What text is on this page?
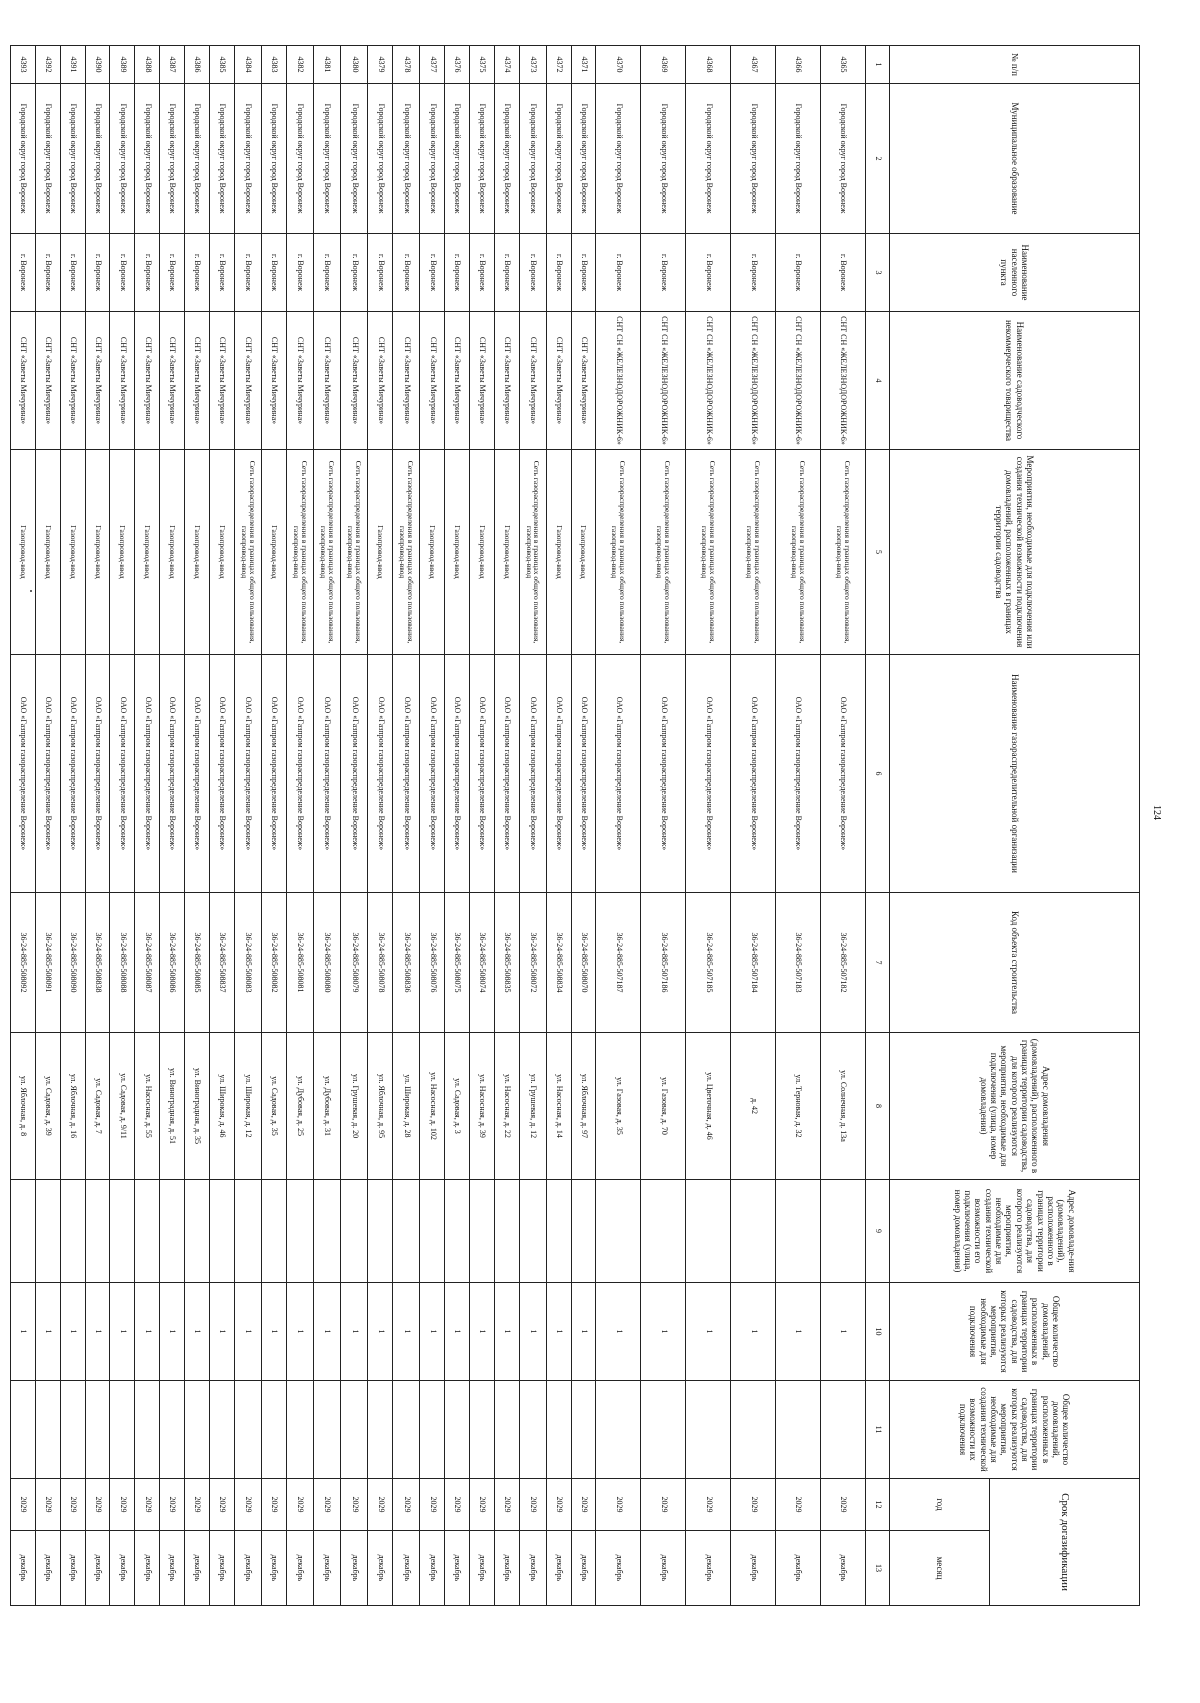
124
№ п/п	Муниципальное образование	Наименование населенного пункта	Наименование садоводческого некоммерческого товарищества	Мероприятия, необходимые для подключения или создания технической возможности подключения домовладений, расположенных в границах территории садоводства	Наименование газораспределительной организации	Код объекта строительства	Адрес домовладения (домовладений), расположенного в границах территории садоводства, для которого реализуются мероприятия, необходимые для подключения (улица, номер домовладения)	Адрес домовладе-ния (домовладений), расположенного в границах территории садоводства, для которого реализуются мероприятия, необходимые для создания технической возможности его подключения (улица, номер домовладения)	Общее количество домовладений, расположенных в границах территории садоводства, для которых реализуются мероприятия, необходимые для подключения	Общее количество домовладений, расположенных в границах территории садоводства, для которых реализуются мероприятия, необходимые для создания технической возможности их подключения	Срок догазификации	
											год	месяц
1	2	3	4	5	6	7	8	9	10	11	12	13
4365	Городской округ город Воронеж	г. Воронеж	СНТ СН «ЖЕЛЕЗНОДОРОЖНИК-6»	Сеть газораспределения в границах общего пользования, газопровод-ввод	ОАО «Газпром газораспределение Воронеж»	36-24-885-507182	ул. Солнечная, д. 13а		1		2029	декабрь
4366	Городской округ город Воронеж	г. Воронеж	СНТ СН «ЖЕЛЕЗНОДОРОЖНИК-6»	Сеть газораспределения в границах общего пользования, газопровод-ввод	ОАО «Газпром газораспределение Воронеж»	36-24-885-507183	ул. Терновая, д. 32		1		2029	декабрь
4367	Городской округ город Воронеж	г. Воронеж	СНТ СН «ЖЕЛЕЗНОДОРОЖНИК-6»	Сеть газораспределения в границах общего пользования, газопровод-ввод	ОАО «Газпром газораспределение Воронеж»	36-24-885-507184	д. 42		1		2029	декабрь
4368	Городской округ город Воронеж	г. Воронеж	СНТ СН «ЖЕЛЕЗНОДОРОЖНИК-6»	Сеть газораспределения в границах общего пользования, газопровод-ввод	ОАО «Газпром газораспределение Воронеж»	36-24-885-507185	ул. Цветочная, д. 46		1		2029	декабрь
4369	Городской округ город Воронеж	г. Воронеж	СНТ СН «ЖЕЛЕЗНОДОРОЖНИК-6»	Сеть газораспределения в границах общего пользования, газопровод-ввод	ОАО «Газпром газораспределение Воронеж»	36-24-885-507186	ул. Газовая, д. 70		1		2029	декабрь
4370	Городской округ город Воронеж	г. Воронеж	СНТ СН «ЖЕЛЕЗНОДОРОЖНИК-6»	Сеть газораспределения в границах общего пользования, газопровод-ввод	ОАО «Газпром газораспределение Воронеж»	36-24-885-507187	ул. Газовая, д. 35		1		2029	декабрь
4371	Городской округ город Воронеж	г. Воронеж	СНТ «Заветы Мичурина»	Газопровод-ввод	ОАО «Газпром газораспределение Воронеж»	36-24-885-508070	ул. Яблочная, д. 97		1		2029	декабрь
4372	Городской округ город Воронеж	г. Воронеж	СНТ «Заветы Мичурина»	Газопровод-ввод	ОАО «Газпром газораспределение Воронеж»	36-24-885-508834	ул. Насосная, д. 14		1		2029	декабрь
4373	Городской округ город Воронеж	г. Воронеж	СНТ «Заветы Мичурина»	Сеть газораспределения в границах общего пользования, газопровод-ввод	ОАО «Газпром газораспределение Воронеж»	36-24-885-508072	ул. Грушевая, д. 12		1		2029	декабрь
4374	Городской округ город Воронеж	г. Воронеж	СНТ «Заветы Мичурина»	Газопровод-ввод	ОАО «Газпром газораспределение Воронеж»	36-24-885-508835	ул. Насосная, д. 22		1		2029	декабрь
4375	Городской округ город Воронеж	г. Воронеж	СНТ «Заветы Мичурина»	Газопровод-ввод	ОАО «Газпром газораспределение Воронеж»	36-24-885-508074	ул. Насосная, д. 39		1		2029	декабрь
4376	Городской округ город Воронеж	г. Воронеж	СНТ «Заветы Мичурина»	Газопровод-ввод	ОАО «Газпром газораспределение Воронеж»	36-24-885-508075	ул. Садовая, д. 3		1		2029	декабрь
4377	Городской округ город Воронеж	г. Воронеж	СНТ «Заветы Мичурина»	Газопровод-ввод	ОАО «Газпром газораспределение Воронеж»	36-24-885-508076	ул. Насосная, д. 102		1		2029	декабрь
4378	Городской округ город Воронеж	г. Воронеж	СНТ «Заветы Мичурина»	Сеть газораспределения в границах общего пользования, газопровод-ввод	ОАО «Газпром газораспределение Воронеж»	36-24-885-508836	ул. Широкая, д. 28		1		2029	декабрь
4379	Городской округ город Воронеж	г. Воронеж	СНТ «Заветы Мичурина»	Газопровод-ввод	ОАО «Газпром газораспределение Воронеж»	36-24-885-508078	ул. Яблочная, д. 95		1		2029	декабрь
4380	Городской округ город Воронеж	г. Воронеж	СНТ «Заветы Мичурина»	Сеть газораспределения в границах общего пользования, газопровод-ввод	ОАО «Газпром газораспределение Воронеж»	36-24-885-508079	ул. Грушевая, д. 20		1		2029	декабрь
4381	Городской округ город Воронеж	г. Воронеж	СНТ «Заветы Мичурина»	Сеть газораспределения в границах общего пользования, газопровод-ввод	ОАО «Газпром газораспределение Воронеж»	36-24-885-508080	ул. Дубовая, д. 31		1		2029	декабрь
4382	Городской округ город Воронеж	г. Воронеж	СНТ «Заветы Мичурина»	Сеть газораспределения в границах общего пользования, газопровод-ввод	ОАО «Газпром газораспределение Воронеж»	36-24-885-508081	ул. Дубовая, д. 25		1		2029	декабрь
4383	Городской округ город Воронеж	г. Воронеж	СНТ «Заветы Мичурина»	Газопровод-ввод	ОАО «Газпром газораспределение Воронеж»	36-24-885-508082	ул. Садовая, д. 35		1		2029	декабрь
4384	Городской округ город Воронеж	г. Воронеж	СНТ «Заветы Мичурина»	Сеть газораспределения в границах общего пользования, газопровод-ввод	ОАО «Газпром газораспределение Воронеж»	36-24-885-508083	ул. Широкая, д. 12		1		2029	декабрь
4385	Городской округ город Воронеж	г. Воронеж	СНТ «Заветы Мичурина»	Газопровод-ввод	ОАО «Газпром газораспределение Воронеж»	36-24-885-508837	ул. Широкая, д. 46		1		2029	декабрь
4386	Городской округ город Воронеж	г. Воронеж	СНТ «Заветы Мичурина»	Газопровод-ввод	ОАО «Газпром газораспределение Воронеж»	36-24-885-508085	ул. Виноградная, д. 35		1		2029	декабрь
4387	Городской округ город Воронеж	г. Воронеж	СНТ «Заветы Мичурина»	Газопровод-ввод	ОАО «Газпром газораспределение Воронеж»	36-24-885-508086	ул. Виноградная, д. 51		1		2029	декабрь
4388	Городской округ город Воронеж	г. Воронеж	СНТ «Заветы Мичурина»	Газопровод-ввод	ОАО «Газпром газораспределение Воронеж»	36-24-885-508087	ул. Насосная, д. 55		1		2029	декабрь
4389	Городской округ город Воронеж	г. Воронеж	СНТ «Заветы Мичурина»	Газопровод-ввод	ОАО «Газпром газораспределение Воронеж»	36-24-885-508088	ул. Садовая, д. 9/11		1		2029	декабрь
4390	Городской округ город Воронеж	г. Воронеж	СНТ «Заветы Мичурина»	Газопровод-ввод	ОАО «Газпром газораспределение Воронеж»	36-24-885-508838	ул. Садовая, д. 7		1		2029	декабрь
4391	Городской округ город Воронеж	г. Воронеж	СНТ «Заветы Мичурина»	Газопровод-ввод	ОАО «Газпром газораспределение Воронеж»	36-24-885-508090	ул. Яблочная, д. 16		1		2029	декабрь
4392	Городской округ город Воронеж	г. Воронеж	СНТ «Заветы Мичурина»	Газопровод-ввод	ОАО «Газпром газораспределение Воронеж»	36-24-885-508091	ул. Садовая, д. 39		1		2029	декабрь
4393	Городской округ город Воронеж	г. Воронеж	СНТ «Заветы Мичурина»	Газопровод-ввод	ОАО «Газпром газораспределение Воронеж»	36-24-885-508092	ул. Яблочная, д. 8		1		2029	декабрь
